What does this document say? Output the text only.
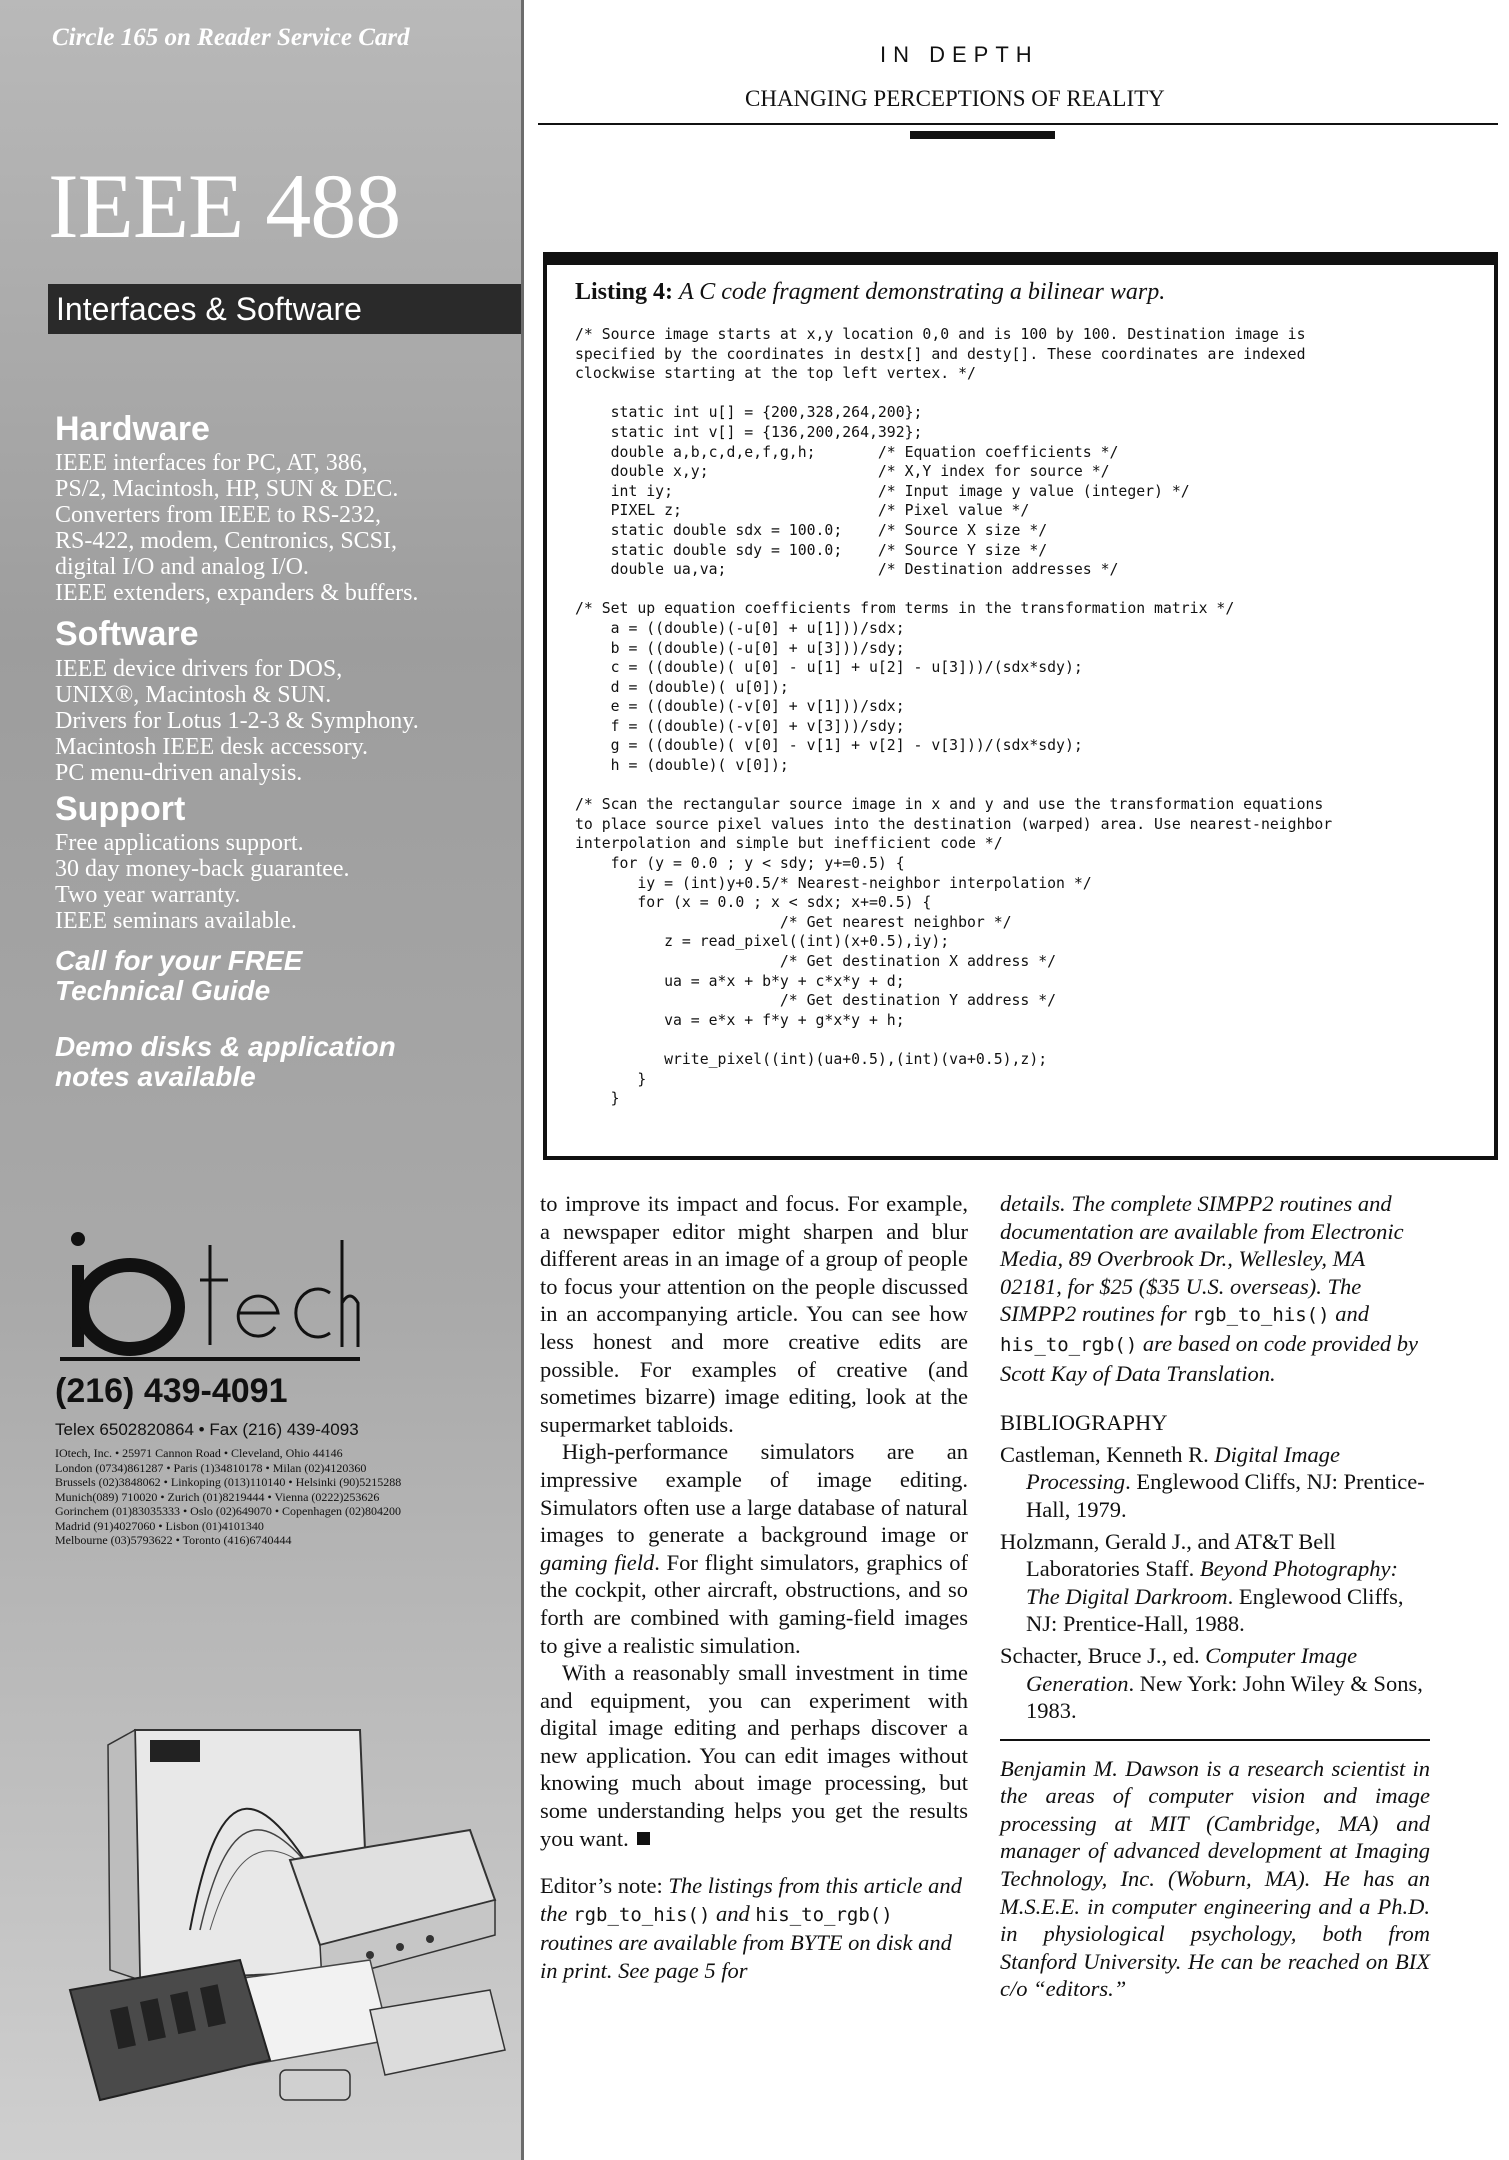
Circle 165 on Reader Service Card
IEEE 488
Interfaces & Software
Hardware
IEEE interfaces for PC, AT, 386,
PS/2, Macintosh, HP, SUN & DEC.
Converters from IEEE to RS-232,
RS-422, modem, Centronics, SCSI,
digital I/O and analog I/O.
IEEE extenders, expanders & buffers.
Software
IEEE device drivers for DOS,
UNIX®, Macintosh & SUN.
Drivers for Lotus 1-2-3 & Symphony.
Macintosh IEEE desk accessory.
PC menu-driven analysis.
Support
Free applications support.
30 day money-back guarantee.
Two year warranty.
IEEE seminars available.
Call for your FREE
Technical Guide
Demo disks & application
notes available
(216) 439-4091
Telex 6502820864 • Fax (216) 439-4093
IOtech, Inc. • 25971 Cannon Road • Cleveland, Ohio 44146
London (0734)861287 • Paris (1)34810178 • Milan (02)4120360
Brussels (02)3848062 • Linkoping (013)110140 • Helsinki (90)5215288
Munich(089) 710020 • Zurich (01)8219444 • Vienna (0222)253626
Gorinchem (01)83035333 • Oslo (02)649070 • Copenhagen (02)804200
Madrid (91)4027060 • Lisbon (01)4101340
Melbourne (03)5793622 • Toronto (416)6740444
IN DEPTH
CHANGING PERCEPTIONS OF REALITY
Listing 4: A C code fragment demonstrating a bilinear warp.
/* Source image starts at x,y location 0,0 and is 100 by 100. Destination image is
specified by the coordinates in destx[] and desty[]. These coordinates are indexed
clockwise starting at the top left vertex. */

static int u[] = {200,328,264,200};
static int v[] = {136,200,264,392};
double a,b,c,d,e,f,g,h;       /* Equation coefficients */
double x,y;                   /* X,Y index for source */
int iy;                       /* Input image y value (integer) */
PIXEL z;                      /* Pixel value */
static double sdx = 100.0;    /* Source X size */
static double sdy = 100.0;    /* Source Y size */
double ua,va;                 /* Destination addresses */

/* Set up equation coefficients from terms in the transformation matrix */
a = ((double)(-u[0] + u[1]))/sdx;
b = ((double)(-u[0] + u[3]))/sdy;
c = ((double)( u[0] - u[1] + u[2] - u[3]))/(sdx*sdy);
d = (double)( u[0]);
e = ((double)(-v[0] + v[1]))/sdx;
f = ((double)(-v[0] + v[3]))/sdy;
g = ((double)( v[0] - v[1] + v[2] - v[3]))/(sdx*sdy);
h = (double)( v[0]);

/* Scan the rectangular source image in x and y and use the transformation equations
to place source pixel values into the destination (warped) area. Use nearest-neighbor
interpolation and simple but inefficient code */
for (y = 0.0 ; y < sdy; y+=0.5) {
iy = (int)y+0.5/* Nearest-neighbor interpolation */
for (x = 0.0 ; x < sdx; x+=0.5) {
/* Get nearest neighbor */
z = read_pixel((int)(x+0.5),iy);
/* Get destination X address */
ua = a*x + b*y + c*x*y + d;
/* Get destination Y address */
va = e*x + f*y + g*x*y + h;

write_pixel((int)(ua+0.5),(int)(va+0.5),z);
}
}

to improve its impact and focus. For example, a newspaper editor might sharpen and blur different areas in an image of a group of people to focus your attention on the people discussed in an accompanying article. You can see how less honest and more creative edits are possible. For examples of creative (and sometimes bizarre) image editing, look at the supermarket tabloids.

High-performance simulators are an impressive example of image editing. Simulators often use a large database of natural images to generate a background image or gaming field. For flight simulators, graphics of the cockpit, other aircraft, obstructions, and so forth are combined with gaming-field images to give a realistic simulation.

With a reasonably small investment in time and equipment, you can experiment with digital image editing and perhaps discover a new application. You can edit images without knowing much about image processing, but some understanding helps you get the results you want.

Editor’s note: The listings from this article and the rgb_to_his() and his_to_rgb() routines are available from BYTE on disk and in print. See page 5 for

details. The complete SIMPP2 routines and documentation are available from Electronic Media, 89 Overbrook Dr., Wellesley, MA 02181, for $25 ($35 U.S. overseas). The SIMPP2 routines for rgb_to_his() and his_to_rgb() are based on code provided by Scott Kay of Data Translation.

BIBLIOGRAPHY

Castleman, Kenneth R. Digital Image Processing. Englewood Cliffs, NJ: Prentice-Hall, 1979.

Holzmann, Gerald J., and AT&T Bell Laboratories Staff. Beyond Photography: The Digital Darkroom. Englewood Cliffs, NJ: Prentice-Hall, 1988.

Schacter, Bruce J., ed. Computer Image Generation. New York: John Wiley & Sons, 1983.

Benjamin M. Dawson is a research scientist in the areas of computer vision and image processing at MIT (Cambridge, MA) and manager of advanced development at Imaging Technology, Inc. (Woburn, MA). He has an M.S.E.E. in computer engineering and a Ph.D. in physiological psychology, both from Stanford University. He can be reached on BIX c/o “editors.”
